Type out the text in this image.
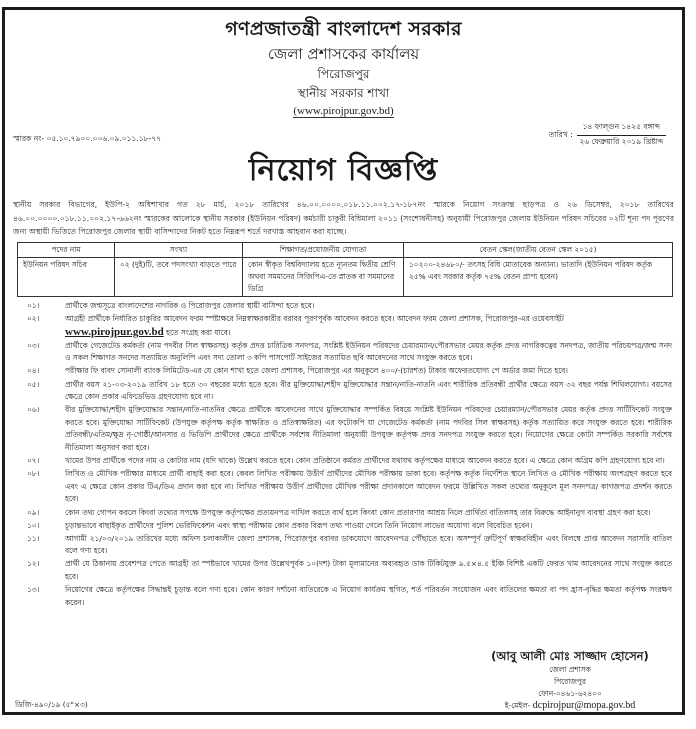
গণপ্রজাতন্ত্রী বাংলাদেশ সরকার
জেলা প্রশাসকের কার্যালয়
পিরোজপুর
স্থানীয় সরকার শাখা
(www.pirojpur.gov.bd)
স্মারক নং- ০৫.১০.৭৯০০.০০৬.০৯.০১১.১৮-৭৭	তারিখ : $\frac{\text{১৪ ফাল্গুন ১৪২৫ বঙ্গাব্দ}}{\text{২৬ ফেব্রুয়ারি ২০১৯ খ্রিষ্টাব্দ}}$
নিয়োগ বিজ্ঞপ্তি
স্থানীয় সরকার বিভাগের, ইউপি-২ অধিশাখার গত ২৮ মার্চ, ২০১৮ তারিখের ৪৬.০০.০০০০.০১৮.১১.০০২.১৭-১৮৭নং স্মারকে নিয়োগ সংক্রান্ত ছাড়পত্র ও ২৬ ডিসেম্বর, ২০১৮ তারিখের ৪৬.০০.০০০০.০১৮.১১.০০২.১৭-৬৬২নং স্মারকের আলোকে স্থানীয় সরকার (ইউনিয়ন পরিষদ) কর্মচারী চাকুরী বিধিমালা ২০১১ (সংশোধনীসহ) অনুযায়ী পিরোজপুর জেলায় ইউনিয়ন পরিষদ সচিবের ০২টি শূন্য পদ পূরণের জন্য অস্থায়ী ভিত্তিতে পিরোজপুর জেলার স্থায়ী বাসিন্দাদের নিকট হতে নিম্নরূপ শর্তে দরখাস্ত আহবান করা যাচ্ছে।
পদের নাম	সংখ্যা	শিক্ষাগত/প্রয়োজনীয় যোগ্যতা	বেতন স্কেল(জাতীয় বেতন স্কেল ২০১৫)
ইউনিয়ন পরিষদ সচিব	০২ (দুই)টি, তবে পদসংখ্যা বাড়তে পারে	কোন স্বীকৃত বিশ্ববিদ্যালয় হতে ন্যূনতম দ্বিতীয় শ্রেণি অথবা সমমানের সিজিপিএ-তে স্নাতক বা সমমানের ডিগ্রি	১০২০০-২৪৬৮০/- তৎসহ বিধি মোতাবেক অন্যান্য। ভাতাদি (ইউনিয়ন পরিষদ কর্তৃক ২৫% এবং সরকার কর্তৃক ৭৫% বেতন প্রাপ্য হবেন)
০১।	প্রার্থীকে জন্মসূত্রে বাংলাদেশের নাগরিক ও পিরোজপুর জেলার স্থায়ী বাসিন্দা হতে হবে।
০২।	আগ্রহী প্রার্থীকে নির্ধারিত চাকুরির আবেদন ফরম স্পষ্টাক্ষরে নিম্নস্বাক্ষরকারীর বরাবর পূরণপূর্বক আবেদন করতে হবে। আবেদন ফরম জেলা প্রশাসক, পিরোজপুর-এর ওয়েবসাইট
www.pirojpur.gov.bd হতে সংগ্রহ করা যাবে।
০৩।	প্রার্থীকে গেজেটেড কর্মকর্তা (নাম পদবীর সিল স্বাক্ষরসহ) কর্তৃক প্রদত্ত চারিত্রিক সনদপত্র, সংশ্লিষ্ট ইউনিয়ন পরিষদের চেয়ারম্যান/পৌরসভার মেয়র কর্তৃক প্রদত্ত নাগরিকত্বের সনদপত্র, জাতীয় পরিচয়পত্র/জন্ম সনদ ও সকল শিক্ষাগত সনদের সত্যায়িত অনুলিপি এবং সদ্য তোলা ৩ কপি পাসপোর্ট সাইজের সত্যায়িত ছবি আবেদনের সাথে সংযুক্ত করতে হবে।
০৪।	পরীক্ষার ফি বাবদ সোনালী ব্যাংক লিমিটেড-এর যে কোন শাখা হতে জেলা প্রশাসক, পিরোজপুর এর অনুকূলে ৪০০/-(চারশত) টাকার অফেরতযোগ্য পে অর্ডার জমা দিতে হবে।
০৫।	প্রার্থীর বয়স ২১-০৩-২০১৯ তারিখ ১৮ হতে ৩০ বছরের মধ্যে হতে হবে। বীর মুক্তিযোদ্ধা/শহীদ মুক্তিযোদ্ধার সন্তান/নাতি-নাতনি এবং শারীরিক প্রতিবন্ধী প্রার্থীর ক্ষেত্রে বয়স ৩২ বছর পর্যন্ত শিথিলযোগ্য। বয়সের ক্ষেত্রে কোন প্রকার এফিডেভিড গ্রহণযোগ্য হবে না।
০৬।	বীর মুক্তিযোদ্ধা/শহীদ মুক্তিযোদ্ধার সন্তান/নাতি-নাতনির ক্ষেত্রে প্রার্থীকে আবেদনের সাথে মুক্তিযোদ্ধার সম্পর্কিত বিষয়ে সংশ্লিষ্ট ইউনিয়ন পরিষদের চেয়ারম্যান/পৌরসভার মেয়র কর্তৃক প্রদত্ত সার্টিফিকেট সংযুক্ত করতে হবে। মুক্তিযোদ্ধা সার্টিফিকেট (উপযুক্ত কর্তৃপক্ষ কর্তৃক স্বাক্ষরিত ও প্রতিস্বাক্ষরিত) এর ফটোকপি যা গেজেটেড কর্মকর্তা (নাম পদবির সিল স্বাক্ষরসহ) কর্তৃক সত্যায়িত করে সংযুক্ত করতে হবে। শারীরিক প্রতিবন্ধী/এতিম/ক্ষুদ্র নৃ-গোষ্ঠী/আনসার ও ভিডিপি প্রার্থীদের ক্ষেত্রে প্রার্থীকে সর্বশেষ নীতিমালা অনুযায়ী উপযুক্ত কর্তৃপক্ষ প্রদত্ত সনদপত্র সংযুক্ত করতে হবে। নিয়োগের ক্ষেত্রে কোটা সম্পর্কিত সরকারি সর্বশেষ নীতিমালা অনুসরণ করা হবে।
০৭।	খামের উপর প্রার্থীকে পদের নাম ও কোটার নাম (যদি থাকে) উল্লেখ করতে হবে। কোন প্রতিষ্ঠানে কর্মরত প্রার্থীদের যথাযথ কর্তৃপক্ষের মাধ্যমে আবেদন করতে হবে। এ ক্ষেত্রে কোন অগ্রিম কপি গ্রহণযোগ্য হবে না।
০৮।	লিখিত ও মৌখিক পরীক্ষার মাধ্যমে প্রার্থী বাছাই করা হবে। কেবল লিখিত পরীক্ষায় উত্তীর্ণ প্রার্থীদের মৌখিক পরীক্ষায় ডাকা হবে। কর্তৃপক্ষ কর্তৃক নির্দেশিত স্থানে লিখিত ও মৌখিক পরীক্ষায় অংশগ্রহণ করতে হবে এবং এ ক্ষেত্রে কোন প্রকার টিএ/ডিএ প্রদান করা হবে না। লিখিত পরীক্ষায় উত্তীর্ণ প্রার্থীদের মৌখিক পরীক্ষা প্রদানকালে আবেদন ফরমে উল্লিখিত সকল তথ্যের অনুকূলে মূল সনদপত্র/ কাগজপত্র প্রদর্শন করতে হবে।
০৯।	কোন তথ্য গোপন করলে কিংবা তথ্যের সপক্ষে উপযুক্ত কর্তৃপক্ষের প্রত্যয়নপত্র দাখিল করতে ব্যর্থ হলে কিংবা কোন প্রতারণার আশ্রয় নিলে প্রার্থিতা বাতিলসহ তার বিরুদ্ধে আইনানুগ ব্যবস্থা গ্রহণ করা হবে।
১০।	চূড়ান্তভাবে বাছাইকৃত প্রার্থীদের পুলিশ ভেরিফিকেশন এবং স্বাস্থ্য পরীক্ষায় কোন প্রকার বিরূপ তথ্য পাওয়া গেলে তিনি নিয়োগ লাভের অযোগ্য বলে বিবেচিত হবেন।
১১।	আগামী ২১/০৩/২০১৯ তারিখের মধ্যে অফিস চলাকালীন জেলা প্রশাসক, পিরোজপুর বরাবর ডাকযোগে আবেদনপত্র পৌঁছাতে হবে। অসম্পূর্ণ ত্রুটিপূর্ণ স্বাক্ষরবিহীন এবং বিলম্বে প্রাপ্ত আবেদন সরাসরি বাতিল বলে গণ্য হবে।
১২।	প্রার্থী যে ঠিকানায় প্রবেশপত্র পেতে আগ্রহী তা স্পষ্টভাবে খামের উপর উল্লেখপূর্বক ১০(দশ) টাকা মূল্যমানের অব্যবহৃত ডাক টিকিটযুক্ত ৯.৫×৪.৫ ইঞ্চি বিশিষ্ট একটি ফেরত খাম আবেদনের সাথে সংযুক্ত করতে হবে।
১৩।	নিয়োগের ক্ষেত্রে কর্তৃপক্ষের সিদ্ধান্তই চূড়ান্ত বলে গণ্য হবে। কোন কারণ দর্শানো ব্যতিরেকে এ নিয়োগ কার্যক্রম স্থগিত, শর্ত পরিবর্তন সংযোজন এবং বাতিলের ক্ষমতা বা পদ হ্রাস-বৃদ্ধির ক্ষমতা কর্তৃপক্ষ সংরক্ষণ করেন।
(আবু আলী মোঃ সাজ্জাদ হোসেন)
জেলা প্রশাসক
পিরোজপুর
ফোন-০৪৬১-৬২৪০০
ই-মেইল- dcpirojpur@mopa.gov.bd
ডিজি-৪৯০/১৯ (৫"×৩)
